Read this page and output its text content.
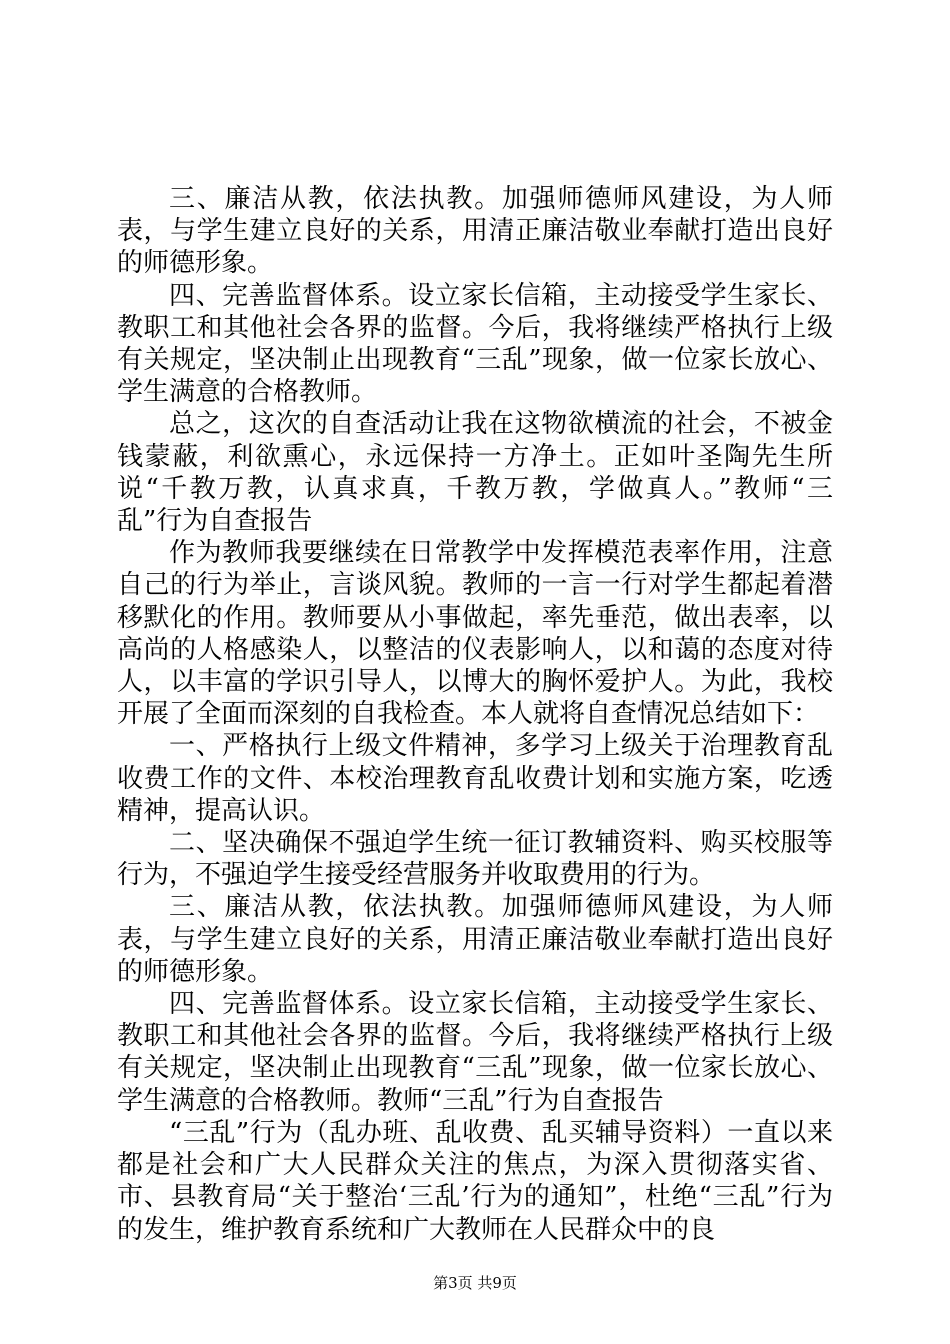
三、廉洁从教，依法执教。加强师德师风建设，为人师表，与学生建立良好的关系，用清正廉洁敬业奉献打造出良好的师德形象。

四、完善监督体系。设立家长信箱，主动接受学生家长、教职工和其他社会各界的监督。今后，我将继续严格执行上级有关规定，坚决制止出现教育“三乱”现象，做一位家长放心、学生满意的合格教师。

总之，这次的自查活动让我在这物欲横流的社会，不被金钱蒙蔽，利欲熏心，永远保持一方净土。正如叶圣陶先生所说“千教万教，认真求真，千教万教，学做真人。”教师“三乱”行为自查报告

作为教师我要继续在日常教学中发挥模范表率作用，注意自己的行为举止，言谈风貌。教师的一言一行对学生都起着潜移默化的作用。教师要从小事做起，率先垂范，做出表率，以高尚的人格感染人，以整洁的仪表影响人，以和蔼的态度对待人，以丰富的学识引导人，以博大的胸怀爱护人。为此，我校开展了全面而深刻的自我检查。本人就将自查情况总结如下：

一、严格执行上级文件精神，多学习上级关于治理教育乱收费工作的文件、本校治理教育乱收费计划和实施方案，吃透精神，提高认识。

二、坚决确保不强迫学生统一征订教辅资料、购买校服等行为，不强迫学生接受经营服务并收取费用的行为。

三、廉洁从教，依法执教。加强师德师风建设，为人师表，与学生建立良好的关系，用清正廉洁敬业奉献打造出良好的师德形象。

四、完善监督体系。设立家长信箱，主动接受学生家长、教职工和其他社会各界的监督。今后，我将继续严格执行上级有关规定，坚决制止出现教育“三乱”现象，做一位家长放心、学生满意的合格教师。教师“三乱”行为自查报告

“三乱”行为（乱办班、乱收费、乱买辅导资料）一直以来都是社会和广大人民群众关注的焦点，为深入贯彻落实省、市、县教育局“关于整治‘三乱’行为的通知”，杜绝“三乱”行为的发生，维护教育系统和广大教师在人民群众中的良

第3页 共9页
